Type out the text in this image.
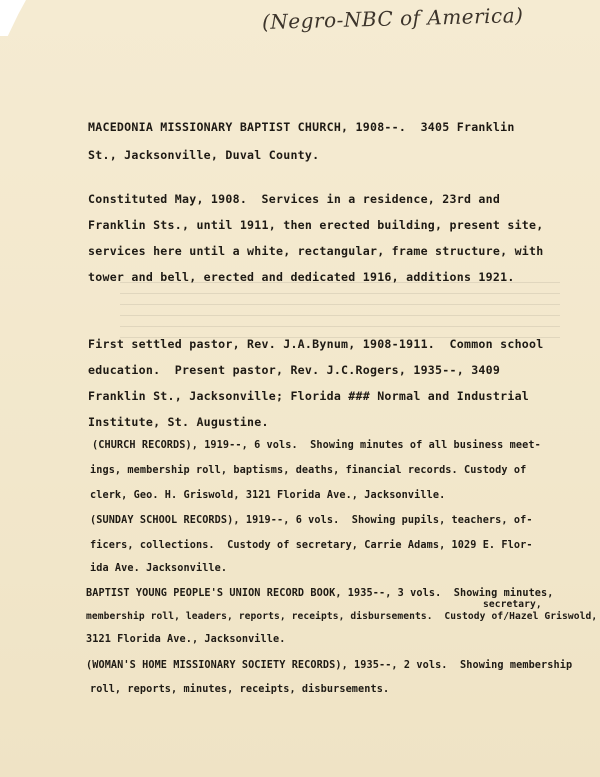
(Negro-NBC of America)
MACEDONIA MISSIONARY BAPTIST CHURCH, 1908--.  3405 Franklin
St., Jacksonville, Duval County.
Constituted May, 1908.  Services in a residence, 23rd and
Franklin Sts., until 1911, then erected building, present site,
services here until a white, rectangular, frame structure, with
tower and bell, erected and dedicated 1916, additions 1921.
First settled pastor, Rev. J.A.Bynum, 1908-1911.  Common school
education.  Present pastor, Rev. J.C.Rogers, 1935--, 3409
Franklin St., Jacksonville; Florida ### Normal and Industrial
Institute, St. Augustine.
(CHURCH RECORDS), 1919--, 6 vols.  Showing minutes of all business meet-
ings, membership roll, baptisms, deaths, financial records. Custody of
clerk, Geo. H. Griswold, 3121 Florida Ave., Jacksonville.
(SUNDAY SCHOOL RECORDS), 1919--, 6 vols.  Showing pupils, teachers, of-
ficers, collections.  Custody of secretary, Carrie Adams, 1029 E. Flor-
ida Ave. Jacksonville.
BAPTIST YOUNG PEOPLE'S UNION RECORD BOOK, 1935--, 3 vols.  Showing minutes,
secretary,
membership roll, leaders, reports, receipts, disbursements.  Custody of/Hazel Griswold,
3121 Florida Ave., Jacksonville.
(WOMAN'S HOME MISSIONARY SOCIETY RECORDS), 1935--, 2 vols.  Showing membership
roll, reports, minutes, receipts, disbursements.
